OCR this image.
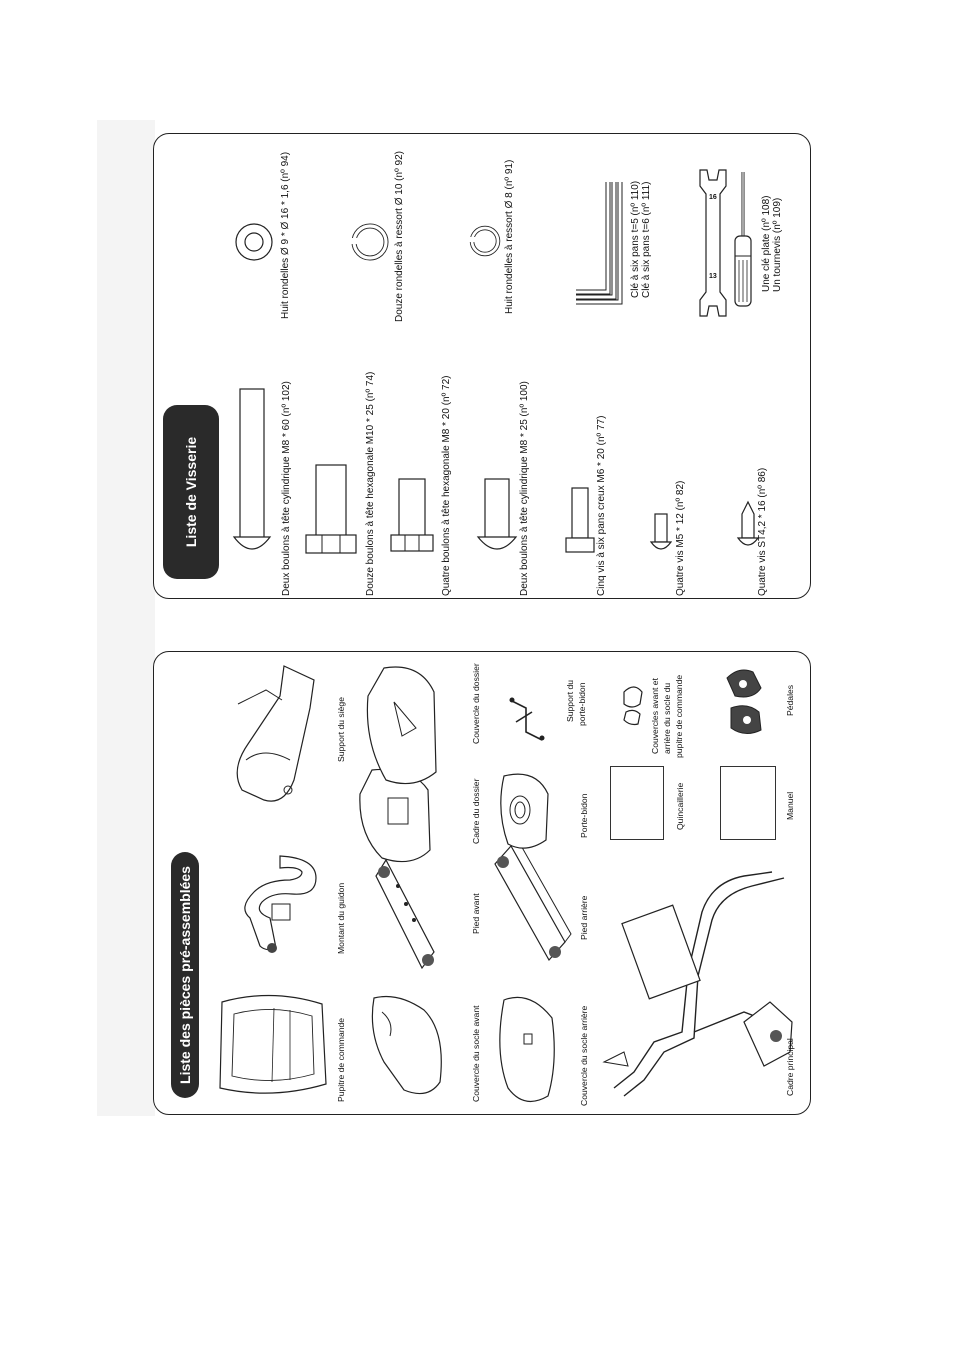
Liste de Visserie
16
13
Deux boulons à tête cylindrique M8 * 60 (nº 102)	Douze boulons à tête hexagonale M10 * 25 (nº 74)	Quatre boulons à tête hexagonale M8 * 20 (nº 72)	Deux boulons à tête cylindrique M8 * 25 (nº 100)	Cinq vis à six pans creux M6 * 20 (nº 77)	Quatre vis M5 * 12 (nº 82)	Quatre vis ST4,2 * 16 (nº 86)
Huit rondelles Ø 9 * Ø 16 * 1,6 (nº 94)	Douze rondelles à ressort Ø 10 (nº 92)	Huit rondelles à ressort Ø 8 (nº 91)	Clé à six pans t=5 (nº 110) Clé à six pans t=6 (nº 111)	Une clé plate (nº 108) Un tournevis (nº 109)
Liste des pièces pré-assemblées	Pupitre de commande
Montant du guidon
Support du siège
Couvercle du socle avant
Pied avant
Cadre du dossier
Couvercle du dossier
Couvercle du socle arrière
Pied arrière
Porte-bidon
Support du porte-bidon
Quincaillerie
Couvercles avant et arrière du socle du pupitre de commande
Cadre principal
Manuel
Pédales
